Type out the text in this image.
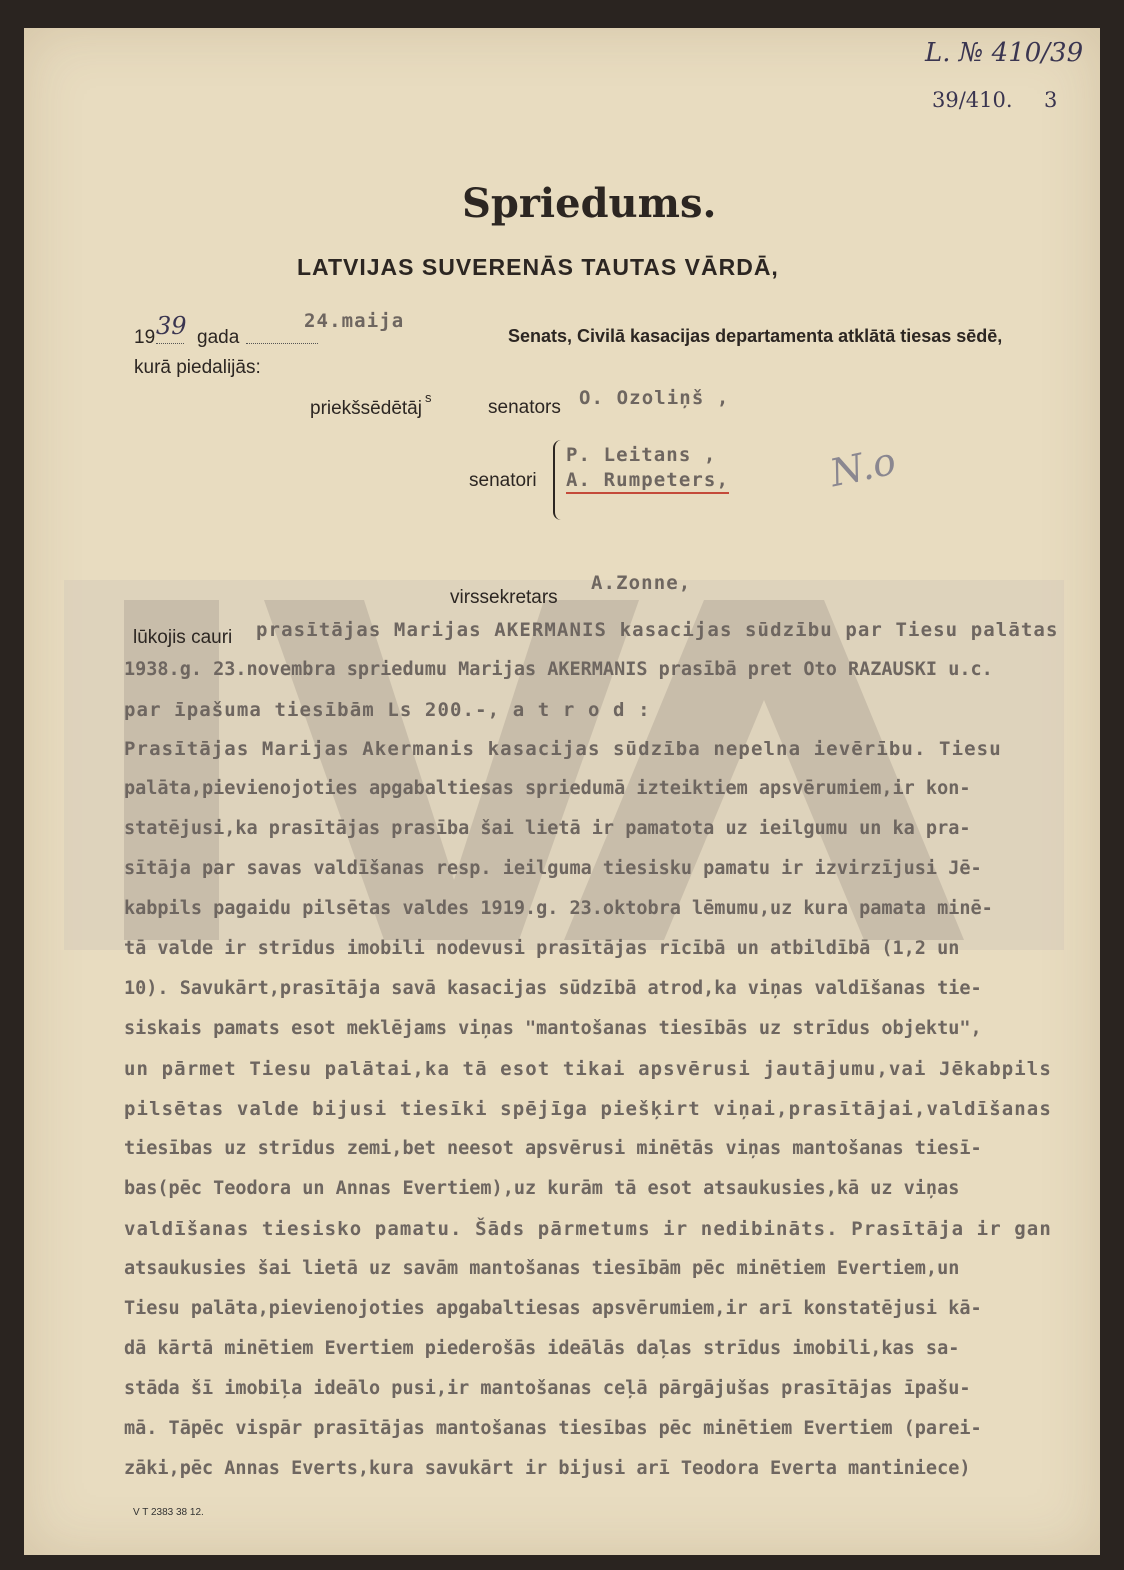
L. № 410/39
39/410. 3
Spriedums.
LATVIJAS SUVERENĀS TAUTAS VĀRDĀ,
19 39 gada
24.maija
Senats, Civilā kasacijas departamenta atklātā tiesas sēdē,
kurā piedalijās:
priekšsēdētāj
s	senators O. Ozoliņš ,
senatori
P. Leitans ,
A. Rumpeters,	N.o
virssekretars
A.Zonne,
lūkojis cauri prasītājas Marijas AKERMANIS kasacijas sūdzību par Tiesu palātas
1938.g. 23.novembra spriedumu Marijas AKERMANIS prasībā pret Oto RAZAUSKI u.c.
par īpašuma tiesībām Ls 200.-, a t r o d :
Prasītājas Marijas Akermanis kasacijas sūdzība nepelna ievērību. Tiesu
palāta,pievienojoties apgabaltiesas spriedumā izteiktiem apsvērumiem,ir kon-
statējusi,ka prasītājas prasība šai lietā ir pamatota uz ieilgumu un ka pra-
sītāja par savas valdīšanas resp. ieilguma tiesisku pamatu ir izvirzījusi Jē-
kabpils pagaidu pilsētas valdes 1919.g. 23.oktobra lēmumu,uz kura pamata minē-
tā valde ir strīdus imobili nodevusi prasītājas rīcībā un atbildībā (1,2 un
10). Savukārt,prasītāja savā kasacijas sūdzībā atrod,ka viņas valdīšanas tie-
siskais pamats esot meklējams viņas "mantošanas tiesībās uz strīdus objektu",
un pārmet Tiesu palātai,ka tā esot tikai apsvērusi jautājumu,vai Jēkabpils
pilsētas valde bijusi tiesīki spējīga piešķirt viņai,prasītājai,valdīšanas
tiesības uz strīdus zemi,bet neesot apsvērusi minētās viņas mantošanas tiesī-
bas(pēc Teodora un Annas Evertiem),uz kurām tā esot atsaukusies,kā uz viņas
valdīšanas tiesisko pamatu. Šāds pārmetums ir nedibināts. Prasītāja ir gan
atsaukusies šai lietā uz savām mantošanas tiesībām pēc minētiem Evertiem,un
Tiesu palāta,pievienojoties apgabaltiesas apsvērumiem,ir arī konstatējusi kā-
dā kārtā minētiem Evertiem piederošās ideālās daļas strīdus imobili,kas sa-
stāda šī imobiļa ideālo pusi,ir mantošanas ceļā pārgājušas prasītājas īpašu-
mā. Tāpēc vispār prasītājas mantošanas tiesības pēc minētiem Evertiem (parei-
zāki,pēc Annas Everts,kura savukārt ir bijusi arī Teodora Everta mantiniece)
V T 2383 38 12.
